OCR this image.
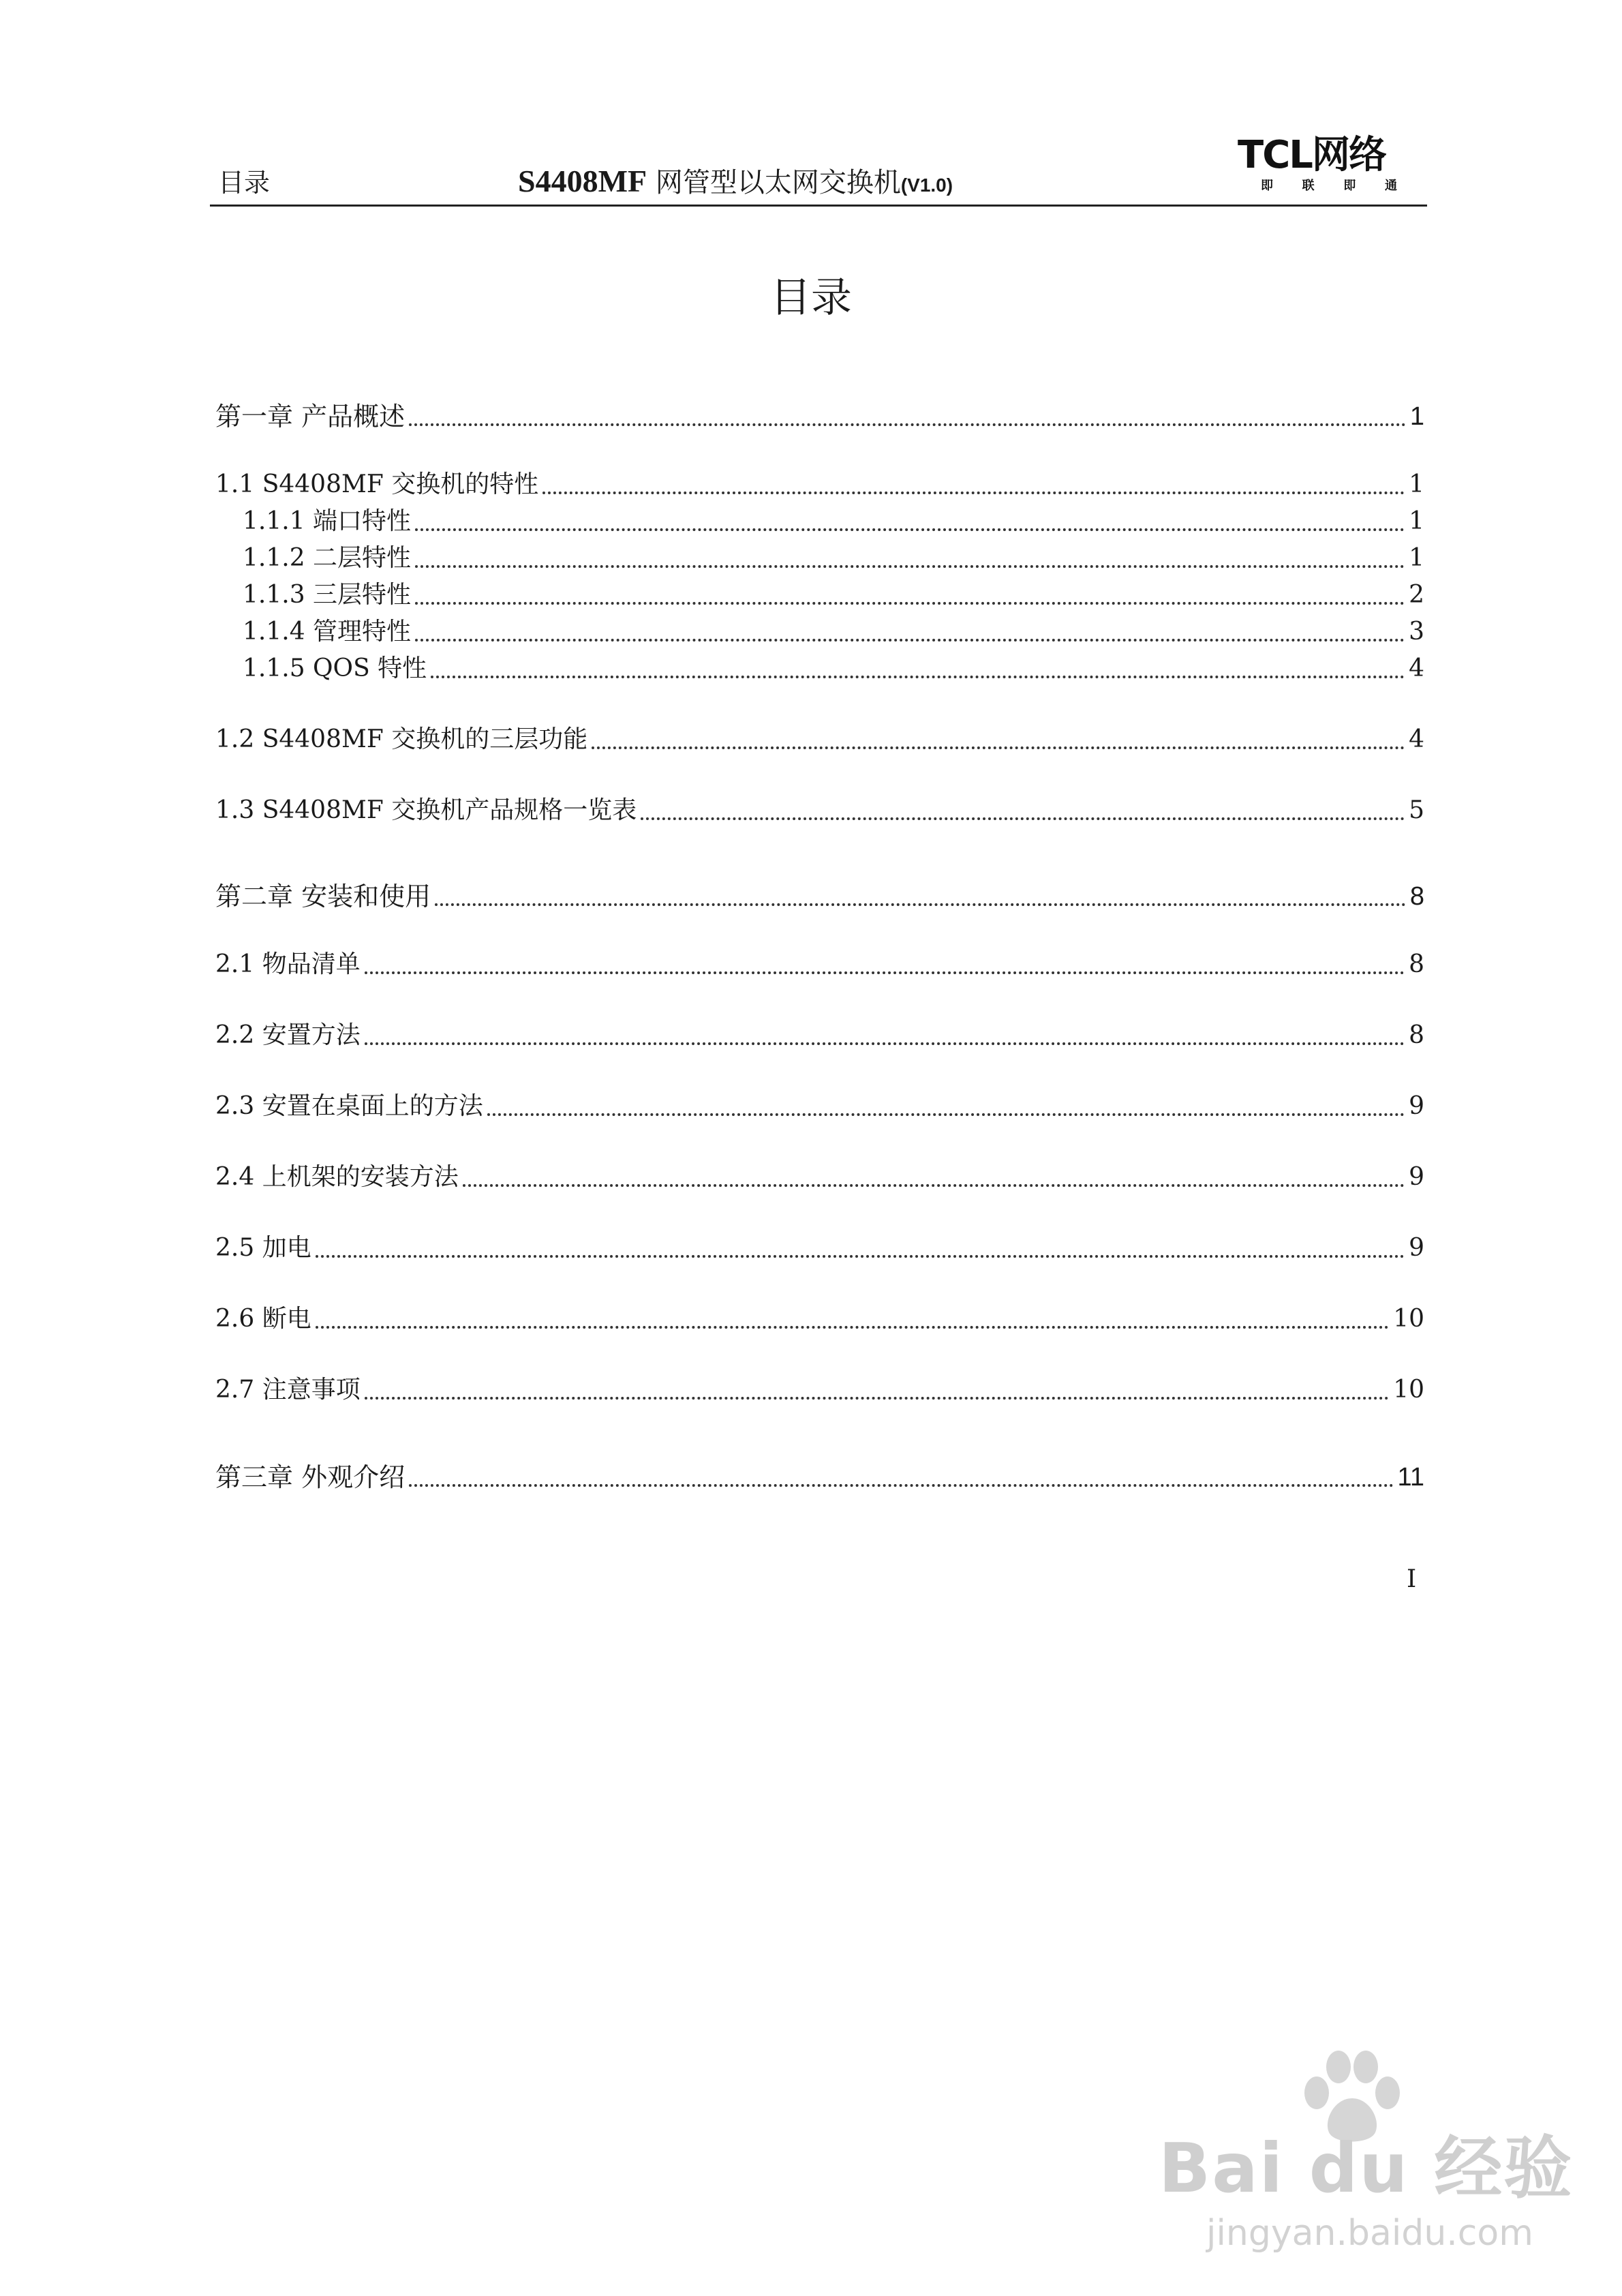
目录	S4408MF 网管型以太网交换机(V1.0)
TCL网络
即 联 即 通
目录
第一章 产品概述	1
1.1 S4408MF 交换机的特性	1
1.1.1 端口特性	1
1.1.2 二层特性	1
1.1.3 三层特性	2
1.1.4 管理特性	3
1.1.5 QOS 特性	4
1.2 S4408MF 交换机的三层功能	4
1.3 S4408MF 交换机产品规格一览表	5
第二章 安装和使用	8
2.1 物品清单	8
2.2 安置方法	8
2.3 安置在桌面上的方法	9
2.4 上机架的安装方法	9
2.5 加电	9
2.6 断电	10
2.7 注意事项	10
第三章 外观介绍	11
I
Bai du 经验
jingyan.baidu.com
